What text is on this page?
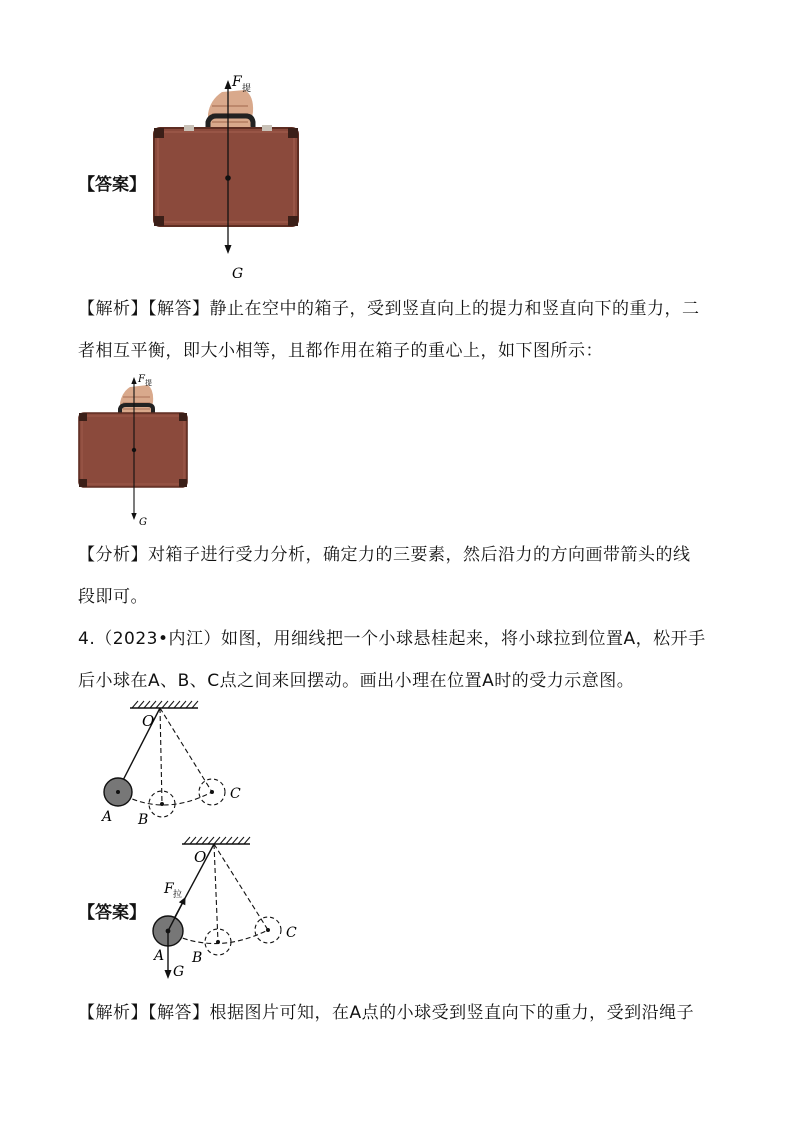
【答案】
F 提
G
【解析】【解答】静止在空中的箱子，受到竖直向上的提力和竖直向下的重力，二
者相互平衡，即大小相等，且都作用在箱子的重心上，如下图所示：
F 提
G
【分析】对箱子进行受力分析，确定力的三要素，然后沿力的方向画带箭头的线
段即可。
4.（2023•内江）如图，用细线把一个小球悬桂起来，将小球拉到位置A，松开手
后小球在A、B、C点之间来回摆动。画出小理在位置A时的受力示意图。
O
A B
C
【答案】
O
A B
C
F 拉
G
【解析】【解答】根据图片可知，在A点的小球受到竖直向下的重力，受到沿绳子
